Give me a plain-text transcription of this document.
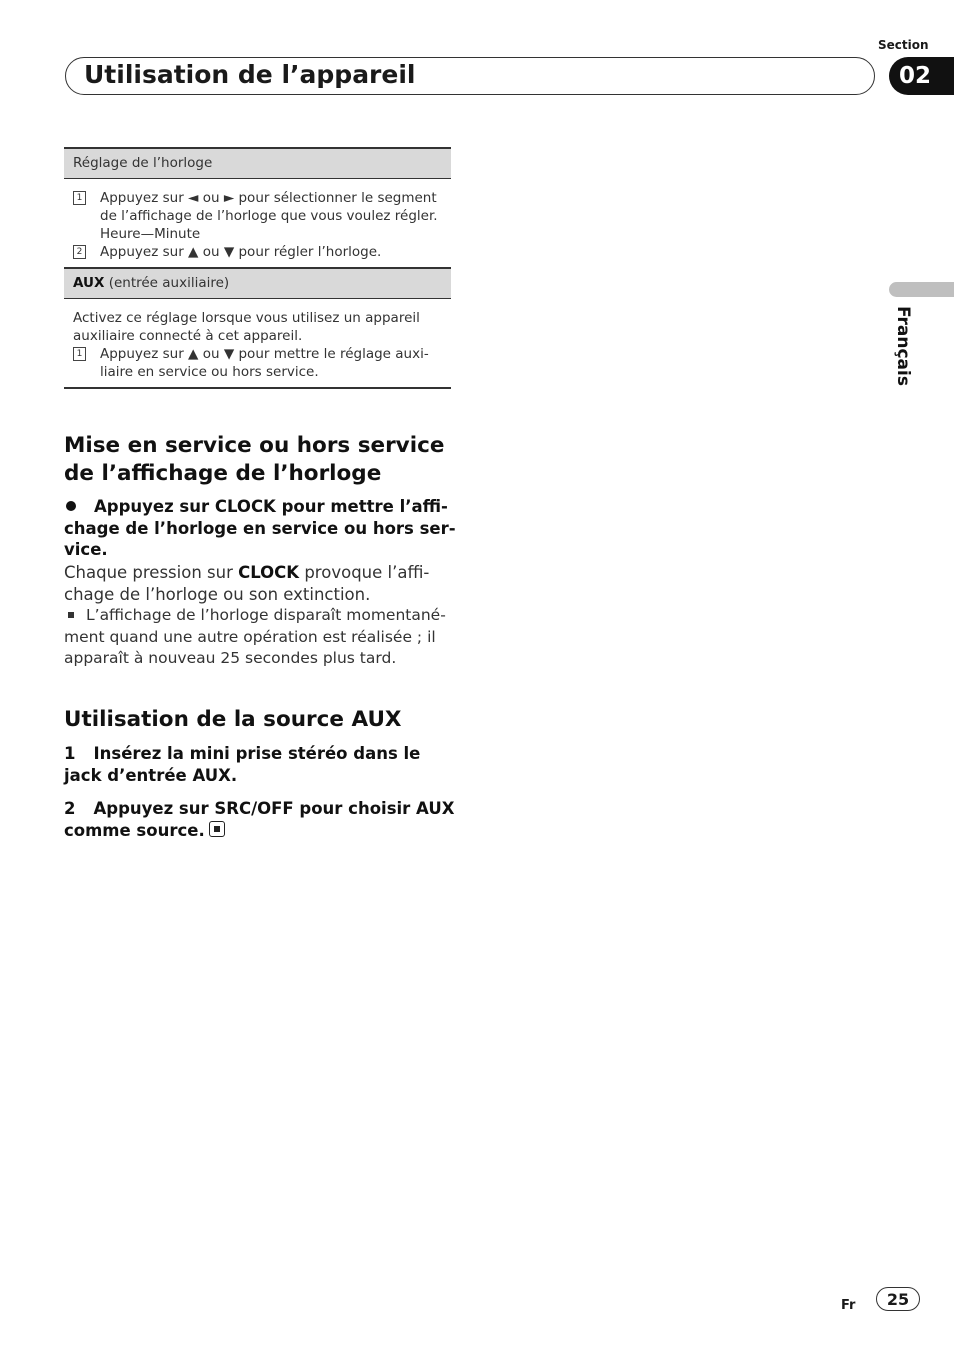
Section
Utilisation de l’appareil	02
Réglage de l’horloge
1 Appuyez sur ◄ ou ► pour sélectionner le segment de l’affichage de l’horloge que vous voulez régler. Heure—Minute
2 Appuyez sur ▲ ou ▼ pour régler l’horloge.
AUX (entrée auxiliaire)
Activez ce réglage lorsque vous utilisez un appareil auxiliaire connecté à cet appareil.
1 Appuyez sur ▲ ou ▼ pour mettre le réglage auxi-liaire en service ou hors service.
Mise en service ou hors service de l’affichage de l’horloge
Appuyez sur CLOCK pour mettre l’affi-chage de l’horloge en service ou hors ser-vice.
Chaque pression sur CLOCK provoque l’affi-chage de l’horloge ou son extinction.
L’affichage de l’horloge disparaît momentané-ment quand une autre opération est réalisée ; il apparaît à nouveau 25 secondes plus tard.
Utilisation de la source AUX
1 Insérez la mini prise stéréo dans le jack d’entrée AUX.
2 Appuyez sur SRC/OFF pour choisir AUX comme source.
Français
Fr	25
